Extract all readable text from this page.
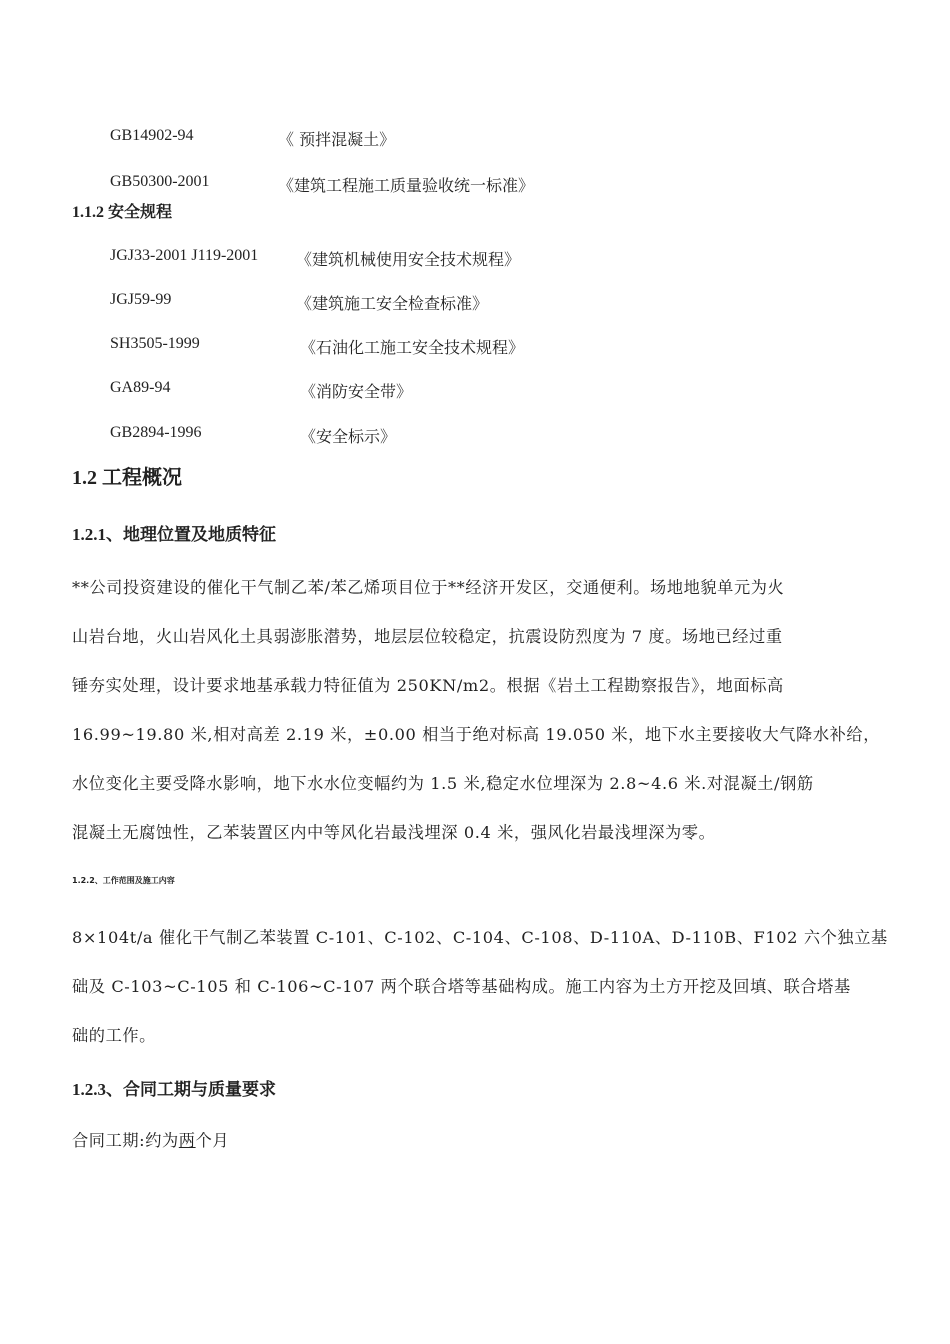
GB14902-94	《 预拌混凝土》
GB50300-2001	《建筑工程施工质量验收统一标准》
1.1.2 安全规程
JGJ33-2001 J119-2001 《建筑机械使用安全技术规程》
JGJ59-99	《建筑施工安全检查标准》
SH3505-1999	《石油化工施工安全技术规程》
GA89-94	《消防安全带》
GB2894-1996	《安全标示》
1.2 工程概况
1.2.1、地理位置及地质特征
**公司投资建设的催化干气制乙苯/苯乙烯项目位于**经济开发区，交通便利。场地地貌单元为火
山岩台地，火山岩风化土具弱澎胀潜势，地层层位较稳定，抗震设防烈度为 7 度。场地已经过重
锤夯实处理，设计要求地基承载力特征值为 250KN/m2。根据《岩土工程勘察报告》，地面标高
16.99~19.80 米,相对高差 2.19 米，±0.00 相当于绝对标高 19.050 米，地下水主要接收大气降水补给，
水位变化主要受降水影响，地下水水位变幅约为 1.5 米,稳定水位埋深为 2.8~4.6 米.对混凝土/钢筋
混凝土无腐蚀性，乙苯装置区内中等风化岩最浅埋深 0.4 米，强风化岩最浅埋深为零。
1.2.2、工作范围及施工内容
8×104t/a 催化干气制乙苯装置 C-101、C-102、C-104、C-108、D-110A、D-110B、F102 六个独立基
础及 C-103~C-105 和 C-106~C-107 两个联合塔等基础构成。施工内容为土方开挖及回填、联合塔基
础的工作。
1.2.3、合同工期与质量要求
合同工期:约为两个月
